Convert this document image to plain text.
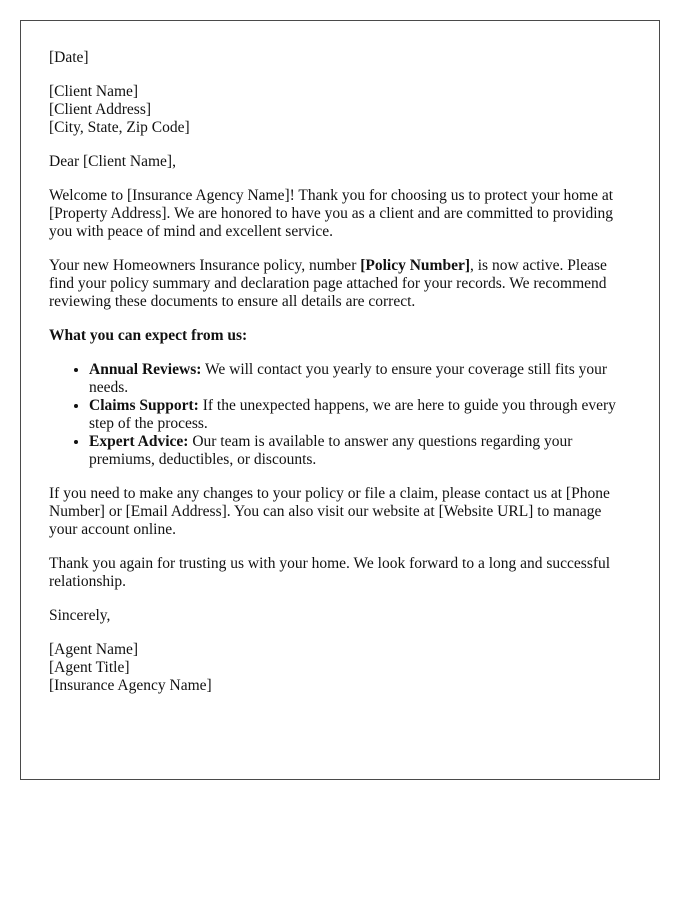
[Date]
[Client Name]
[Client Address]
[City, State, Zip Code]
Dear [Client Name],
Welcome to [Insurance Agency Name]! Thank you for choosing us to protect your home at [Property Address]. We are honored to have you as a client and are committed to providing you with peace of mind and excellent service.
Your new Homeowners Insurance policy, number [Policy Number], is now active. Please find your policy summary and declaration page attached for your records. We recommend reviewing these documents to ensure all details are correct.
What you can expect from us:
• Annual Reviews: We will contact you yearly to ensure your coverage still fits your needs.
• Claims Support: If the unexpected happens, we are here to guide you through every step of the process.
• Expert Advice: Our team is available to answer any questions regarding your premiums, deductibles, or discounts.
If you need to make any changes to your policy or file a claim, please contact us at [Phone Number] or [Email Address]. You can also visit our website at [Website URL] to manage your account online.
Thank you again for trusting us with your home. We look forward to a long and successful relationship.
Sincerely,
[Agent Name]
[Agent Title]
[Insurance Agency Name]
